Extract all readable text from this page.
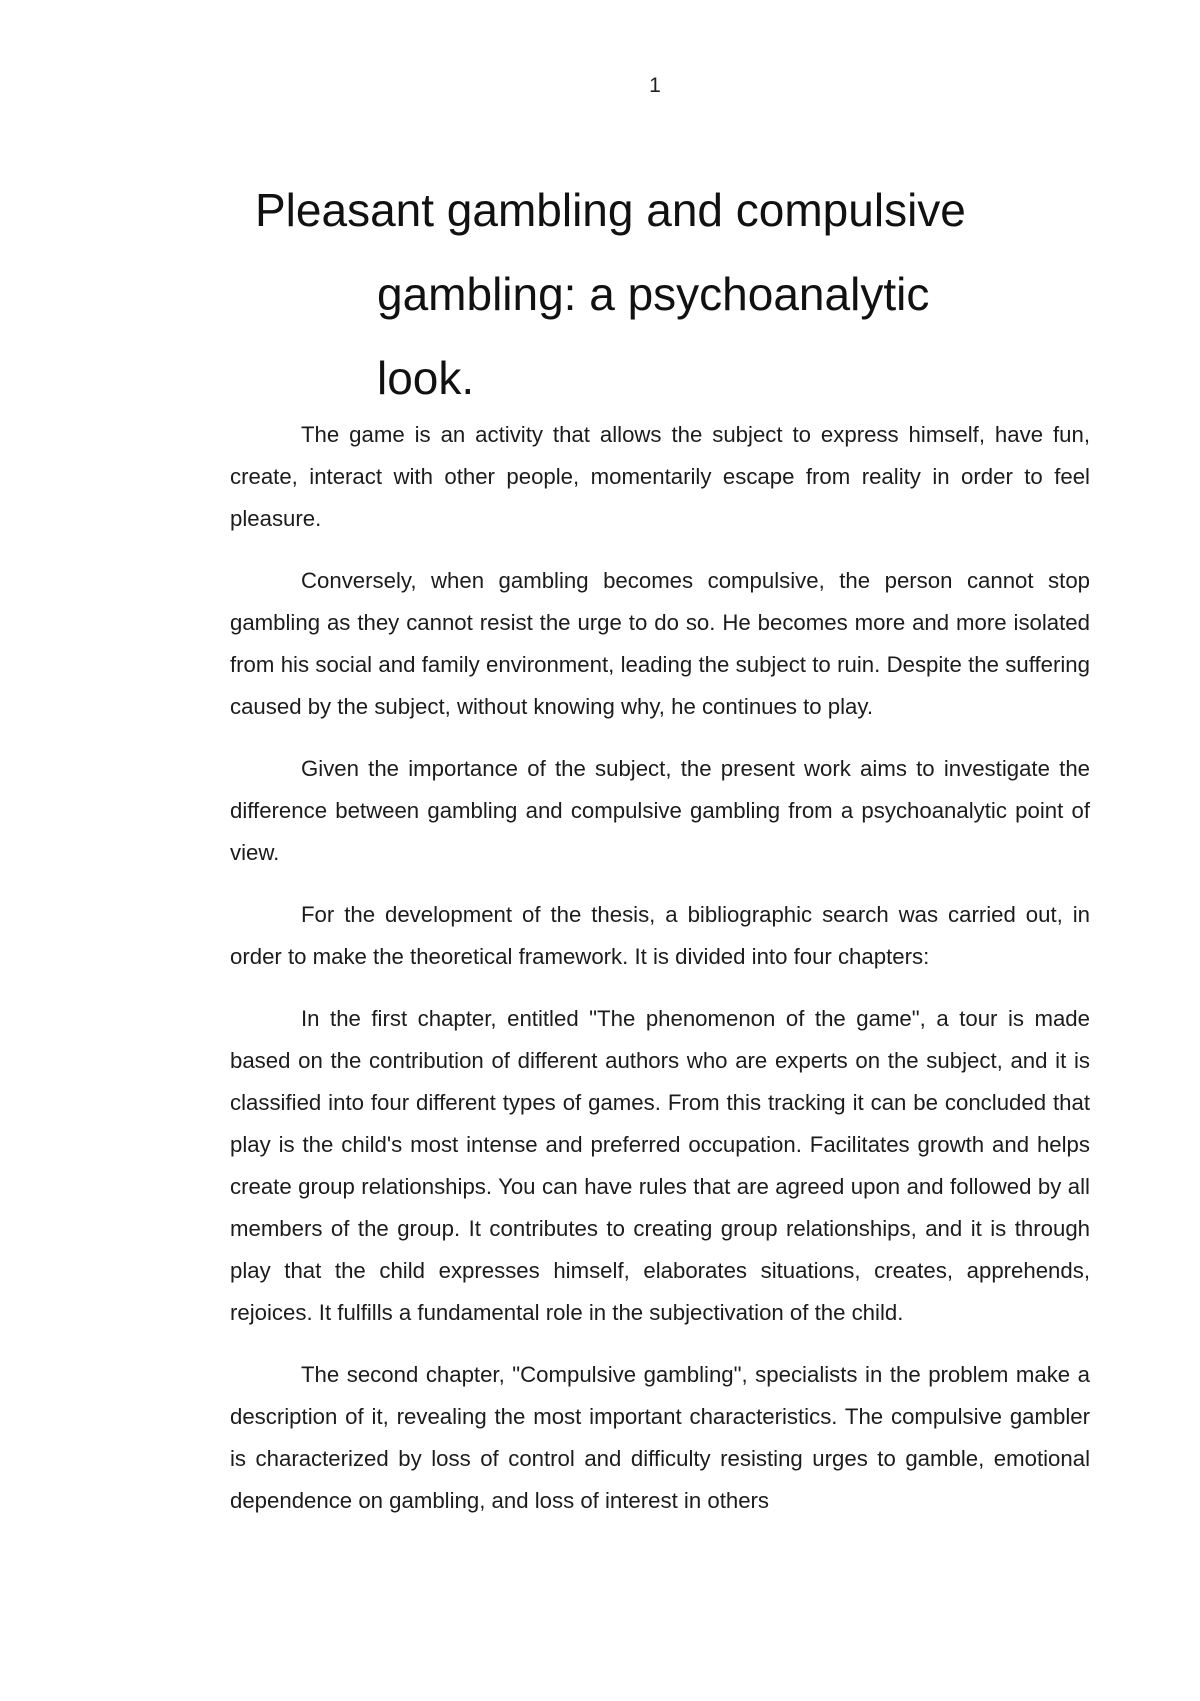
1
Pleasant gambling and compulsive
gambling: a psychoanalytic
look.

The game is an activity that allows the subject to express himself, have fun, create, interact with other people, momentarily escape from reality in order to feel pleasure.

Conversely, when gambling becomes compulsive, the person cannot stop gambling as they cannot resist the urge to do so. He becomes more and more isolated from his social and family environment, leading the subject to ruin. Despite the suffering caused by the subject, without knowing why, he continues to play.

Given the importance of the subject, the present work aims to investigate the difference between gambling and compulsive gambling from a psychoanalytic point of view.

For the development of the thesis, a bibliographic search was carried out, in order to make the theoretical framework. It is divided into four chapters:

In the first chapter, entitled "The phenomenon of the game", a tour is made based on the contribution of different authors who are experts on the subject, and it is classified into four different types of games. From this tracking it can be concluded that play is the child's most intense and preferred occupation. Facilitates growth and helps create group relationships. You can have rules that are agreed upon and followed by all members of the group. It contributes to creating group relationships, and it is through play that the child expresses himself, elaborates situations, creates, apprehends, rejoices. It fulfills a fundamental role in the subjectivation of the child.

The second chapter, "Compulsive gambling", specialists in the problem make a description of it, revealing the most important characteristics. The compulsive gambler is characterized by loss of control and difficulty resisting urges to gamble, emotional dependence on gambling, and loss of interest in others
